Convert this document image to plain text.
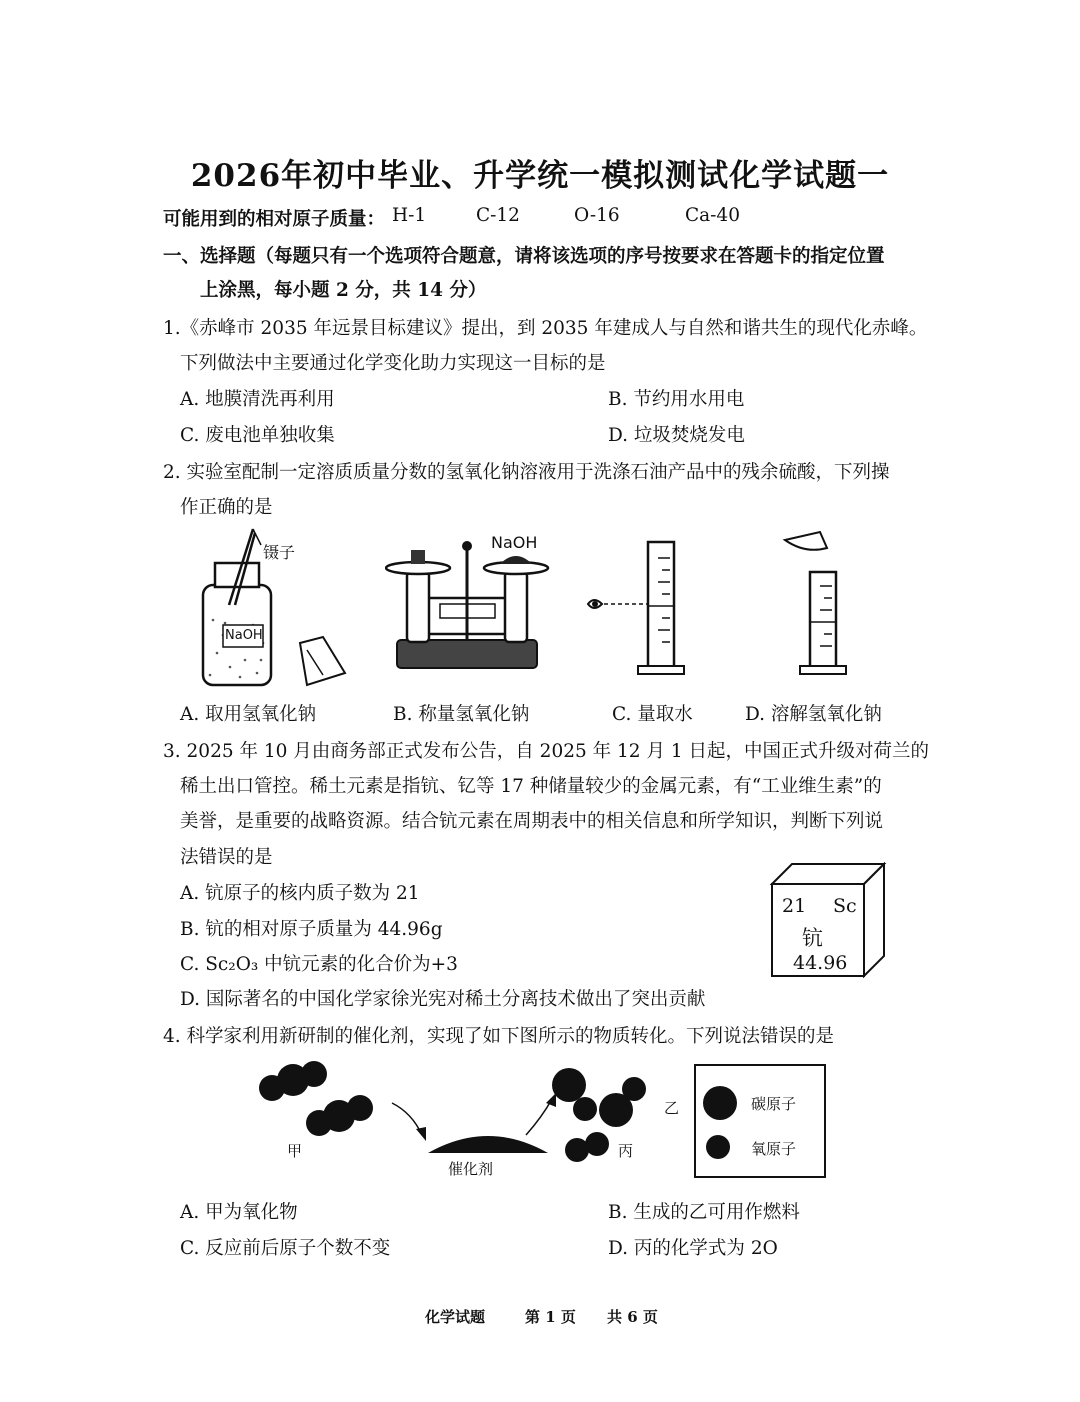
2026年初中毕业、升学统一模拟测试化学试题一
可能用到的相对原子质量： H-1	C-12	O-16	Ca-40
一、选择题（每题只有一个选项符合题意，请将该选项的序号按要求在答题卡的指定位置
上涂黑，每小题 2 分，共 14 分）
1.《赤峰市 2035 年远景目标建议》提出，到 2035 年建成人与自然和谐共生的现代化赤峰。
下列做法中主要通过化学变化助力实现这一目标的是
A. 地膜清洗再利用	B. 节约用水用电
C. 废电池单独收集	D. 垃圾焚烧发电
2. 实验室配制一定溶质质量分数的氢氧化钠溶液用于洗涤石油产品中的残余硫酸，下列操
作正确的是
镊子
NaOH
NaOH
A. 取用氢氧化钠	B. 称量氢氧化钠	C. 量取水	D. 溶解氢氧化钠
3. 2025 年 10 月由商务部正式发布公告，自 2025 年 12 月 1 日起，中国正式升级对荷兰的
稀土出口管控。稀土元素是指钪、钇等 17 种储量较少的金属元素，有“工业维生素”的
美誉，是重要的战略资源。结合钪元素在周期表中的相关信息和所学知识，判断下列说
法错误的是
A. 钪原子的核内质子数为 21
B. 钪的相对原子质量为 44.96g
C. Sc₂O₃ 中钪元素的化合价为+3
D. 国际著名的中国化学家徐光宪对稀土分离技术做出了突出贡献
21 Sc
钪
44.96
4. 科学家利用新研制的催化剂，实现了如下图所示的物质转化。下列说法错误的是
甲
催化剂
乙
丙
碳原子
氧原子
A. 甲为氧化物	B. 生成的乙可用作燃料
C. 反应前后原子个数不变	D. 丙的化学式为 2O
化学试题	第 1 页 共 6 页
